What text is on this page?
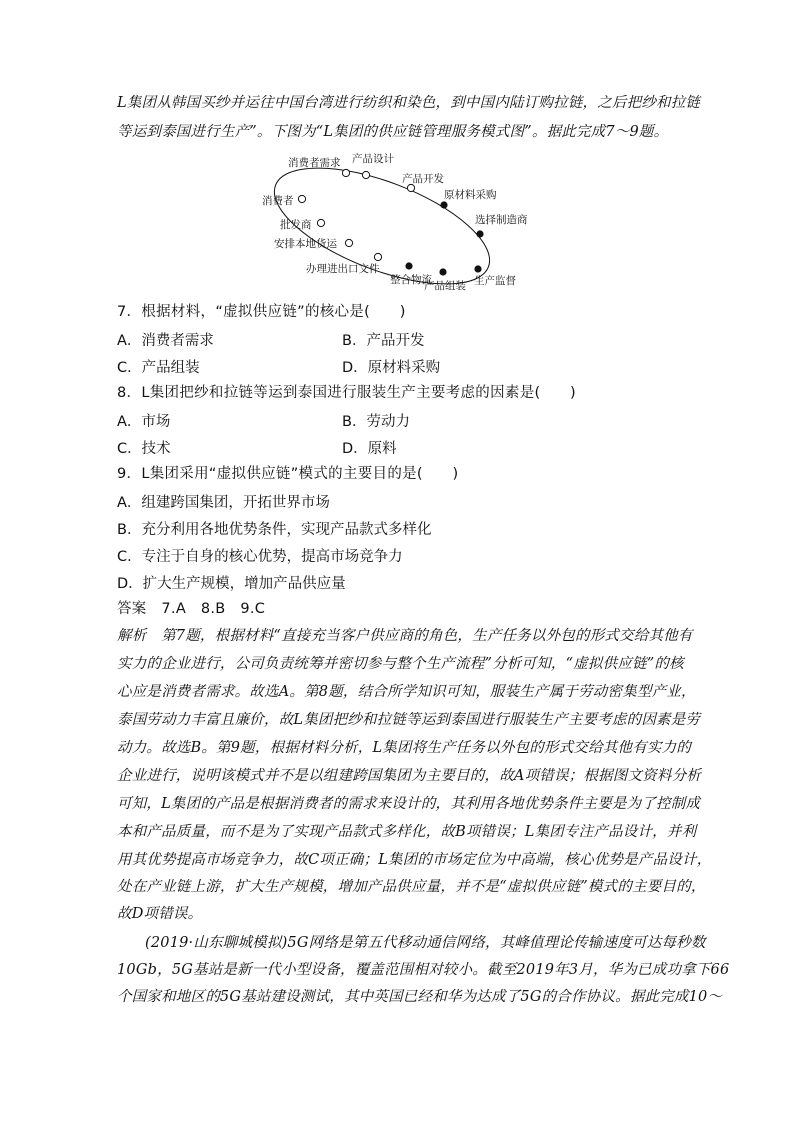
L集团从韩国买纱并运往中国台湾进行纺织和染色，到中国内陆订购拉链，之后把纱和拉链
等运到泰国进行生产”。下图为“L集团的供应链管理服务模式图”。据此完成7～9题。
消费者需求 产品设计
产品开发
原材料采购
选择制造商
消费者
批发商
安排本地货运
办理进出口文件
整合物流
产品组装 生产监督
7．根据材料，“虚拟供应链”的核心是(　　)
A．消费者需求	B．产品开发
C．产品组装	D．原材料采购
8．L集团把纱和拉链等运到泰国进行服装生产主要考虑的因素是(　　)
A．市场	B．劳动力
C．技术	D．原料
9．L集团采用“虚拟供应链”模式的主要目的是(　　)
A．组建跨国集团，开拓世界市场
B．充分利用各地优势条件，实现产品款式多样化
C．专注于自身的核心优势，提高市场竞争力
D．扩大生产规模，增加产品供应量
答案　7.A　8.B　9.C
解析　第7题，根据材料“直接充当客户供应商的角色，生产任务以外包的形式交给其他有
实力的企业进行，公司负责统筹并密切参与整个生产流程”分析可知，“虚拟供应链”的核
心应是消费者需求。故选A。第8题，结合所学知识可知，服装生产属于劳动密集型产业，
泰国劳动力丰富且廉价，故L集团把纱和拉链等运到泰国进行服装生产主要考虑的因素是劳
动力。故选B。第9题，根据材料分析，L集团将生产任务以外包的形式交给其他有实力的
企业进行，说明该模式并不是以组建跨国集团为主要目的，故A项错误；根据图文资料分析
可知，L集团的产品是根据消费者的需求来设计的，其利用各地优势条件主要是为了控制成
本和产品质量，而不是为了实现产品款式多样化，故B项错误；L集团专注产品设计，并利
用其优势提高市场竞争力，故C项正确；L集团的市场定位为中高端，核心优势是产品设计，
处在产业链上游，扩大生产规模，增加产品供应量，并不是“虚拟供应链”模式的主要目的，
故D项错误。
(2019·山东聊城模拟)5G网络是第五代移动通信网络，其峰值理论传输速度可达每秒数
10Gb，5G基站是新一代小型设备，覆盖范围相对较小。截至2019年3月，华为已成功拿下66
个国家和地区的5G基站建设测试，其中英国已经和华为达成了5G的合作协议。据此完成10～
